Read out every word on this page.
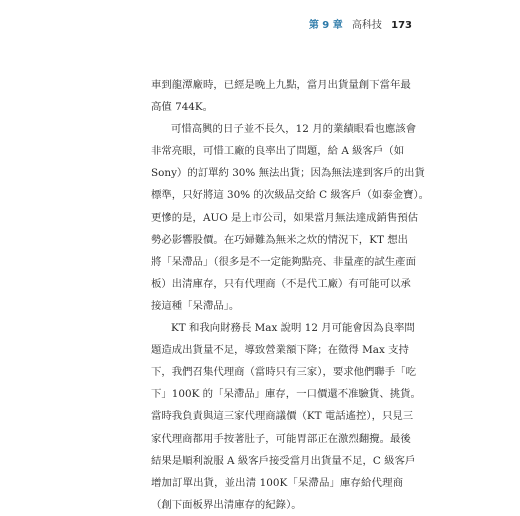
第 9 章 高科技 173
車到龍潭廠時，已經是晚上九點，當月出貨量創下當年最
高值 744K。
可惜高興的日子並不長久，12 月的業績眼看也應該會
非常亮眼，可惜工廠的良率出了問題，給 A 級客戶（如
Sony）的訂單約 30% 無法出貨；因為無法達到客戶的出貨
標準，只好將這 30% 的次級品交給 C 級客戶（如泰金寶）。
更慘的是，AUO 是上市公司，如果當月無法達成銷售預估
勢必影響股價。在巧婦難為無米之炊的情況下，KT 想出
將「呆滯品」（很多是不一定能夠點亮、非量產的試生產面
板）出清庫存，只有代理商（不是代工廠）有可能可以承
接這種「呆滯品」。
KT 和我向財務長 Max 說明 12 月可能會因為良率問
題造成出貨量不足，導致營業額下降；在徵得 Max 支持
下，我們召集代理商（當時只有三家），要求他們聯手「吃
下」100K 的「呆滯品」庫存，一口價還不准驗貨、挑貨。
當時我負責與這三家代理商議價（KT 電話遙控），只見三
家代理商都用手按著肚子，可能胃部正在激烈翻攪。最後
結果是順利說服 A 級客戶接受當月出貨量不足，C 級客戶
增加訂單出貨，並出清 100K「呆滯品」庫存給代理商
（創下面板界出清庫存的紀錄）。
